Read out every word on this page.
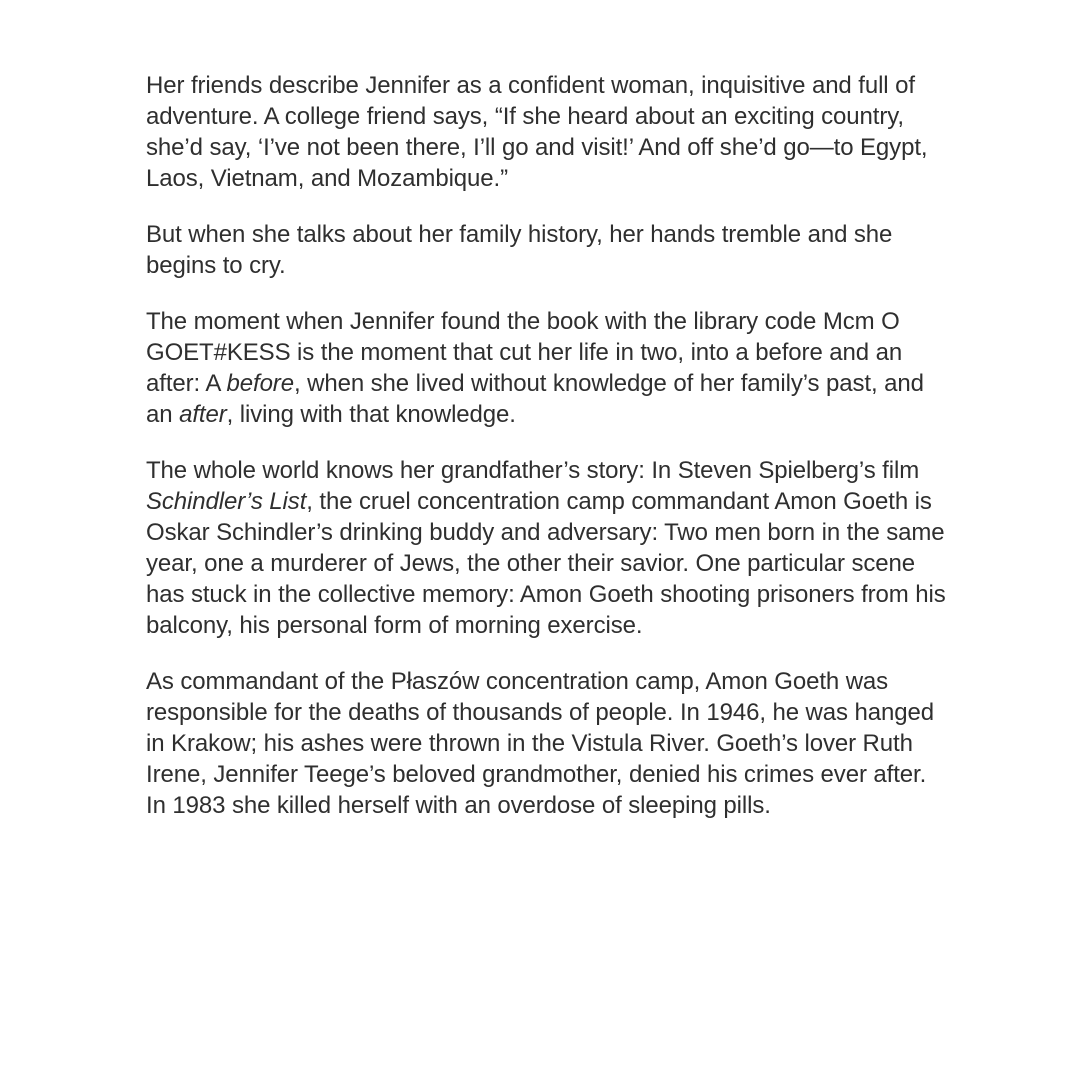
Her friends describe Jennifer as a confident woman, inquisitive and full of adventure. A college friend says, “If she heard about an exciting country, she’d say, ‘I’ve not been there, I’ll go and visit!’ And off she’d go—to Egypt, Laos, Vietnam, and Mozambique.”

But when she talks about her family history, her hands tremble and she begins to cry.

The moment when Jennifer found the book with the library code Mcm O GOET#KESS is the moment that cut her life in two, into a before and an after: A before, when she lived without knowledge of her family’s past, and an after, living with that knowledge.

The whole world knows her grandfather’s story: In Steven Spielberg’s film Schindler’s List, the cruel concentration camp commandant Amon Goeth is Oskar Schindler’s drinking buddy and adversary: Two men born in the same year, one a murderer of Jews, the other their savior. One particular scene has stuck in the collective memory: Amon Goeth shooting prisoners from his balcony, his personal form of morning exercise.

As commandant of the Płaszów concentration camp, Amon Goeth was responsible for the deaths of thousands of people. In 1946, he was hanged in Krakow; his ashes were thrown in the Vistula River. Goeth’s lover Ruth Irene, Jennifer Teege’s beloved grandmother, denied his crimes ever after. In 1983 she killed herself with an overdose of sleeping pills.
